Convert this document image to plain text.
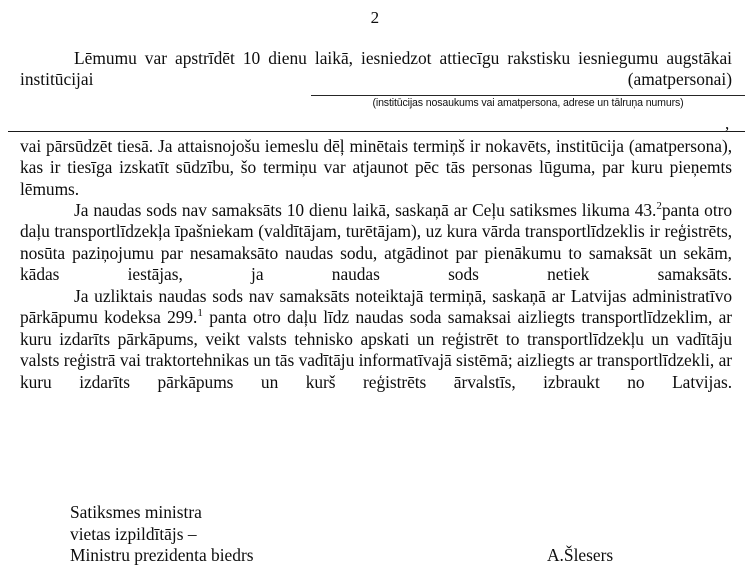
2

Lēmumu var apstrīdēt 10 dienu laikā, iesniedzot attiecīgu rakstisku iesniegumu augstākai institūcijai (amatpersonai)

(institūcijas nosaukums vai amatpersona, adrese un tālruņa numurs)
,

vai pārsūdzēt tiesā. Ja attaisnojošu iemeslu dēļ minētais termiņš ir nokavēts, institūcija (amatpersona), kas ir tiesīga izskatīt sūdzību, šo termiņu var atjaunot pēc tās personas lūguma, par kuru pieņemts lēmums.

Ja naudas sods nav samaksāts 10 dienu laikā, saskaņā ar Ceļu satiksmes likuma 43.$^2$panta otro daļu transportlīdzekļa īpašniekam (valdītājam, turētājam), uz kura vārda transportlīdzeklis ir reģistrēts, nosūta paziņojumu par nesamaksāto naudas sodu, atgādinot par pienākumu to samaksāt un sekām, kādas iestājas, ja naudas sods netiek samaksāts.

Ja uzliktais naudas sods nav samaksāts noteiktajā termiņā, saskaņā ar Latvijas administratīvo pārkāpumu kodeksa 299.$^1$ panta otro daļu līdz naudas soda samaksai aizliegts transportlīdzeklim, ar kuru izdarīts pārkāpums, veikt valsts tehnisko apskati un reģistrēt to transportlīdzekļu un vadītāju valsts reģistrā vai traktortehnikas un tās vadītāju informatīvajā sistēmā; aizliegts ar transportlīdzekli, ar kuru izdarīts pārkāpums un kurš reģistrēts ārvalstīs, izbraukt no Latvijas.

Satiksmes ministra
vietas izpildītājs –
Ministru prezidenta biedrs	A.Šlesers
